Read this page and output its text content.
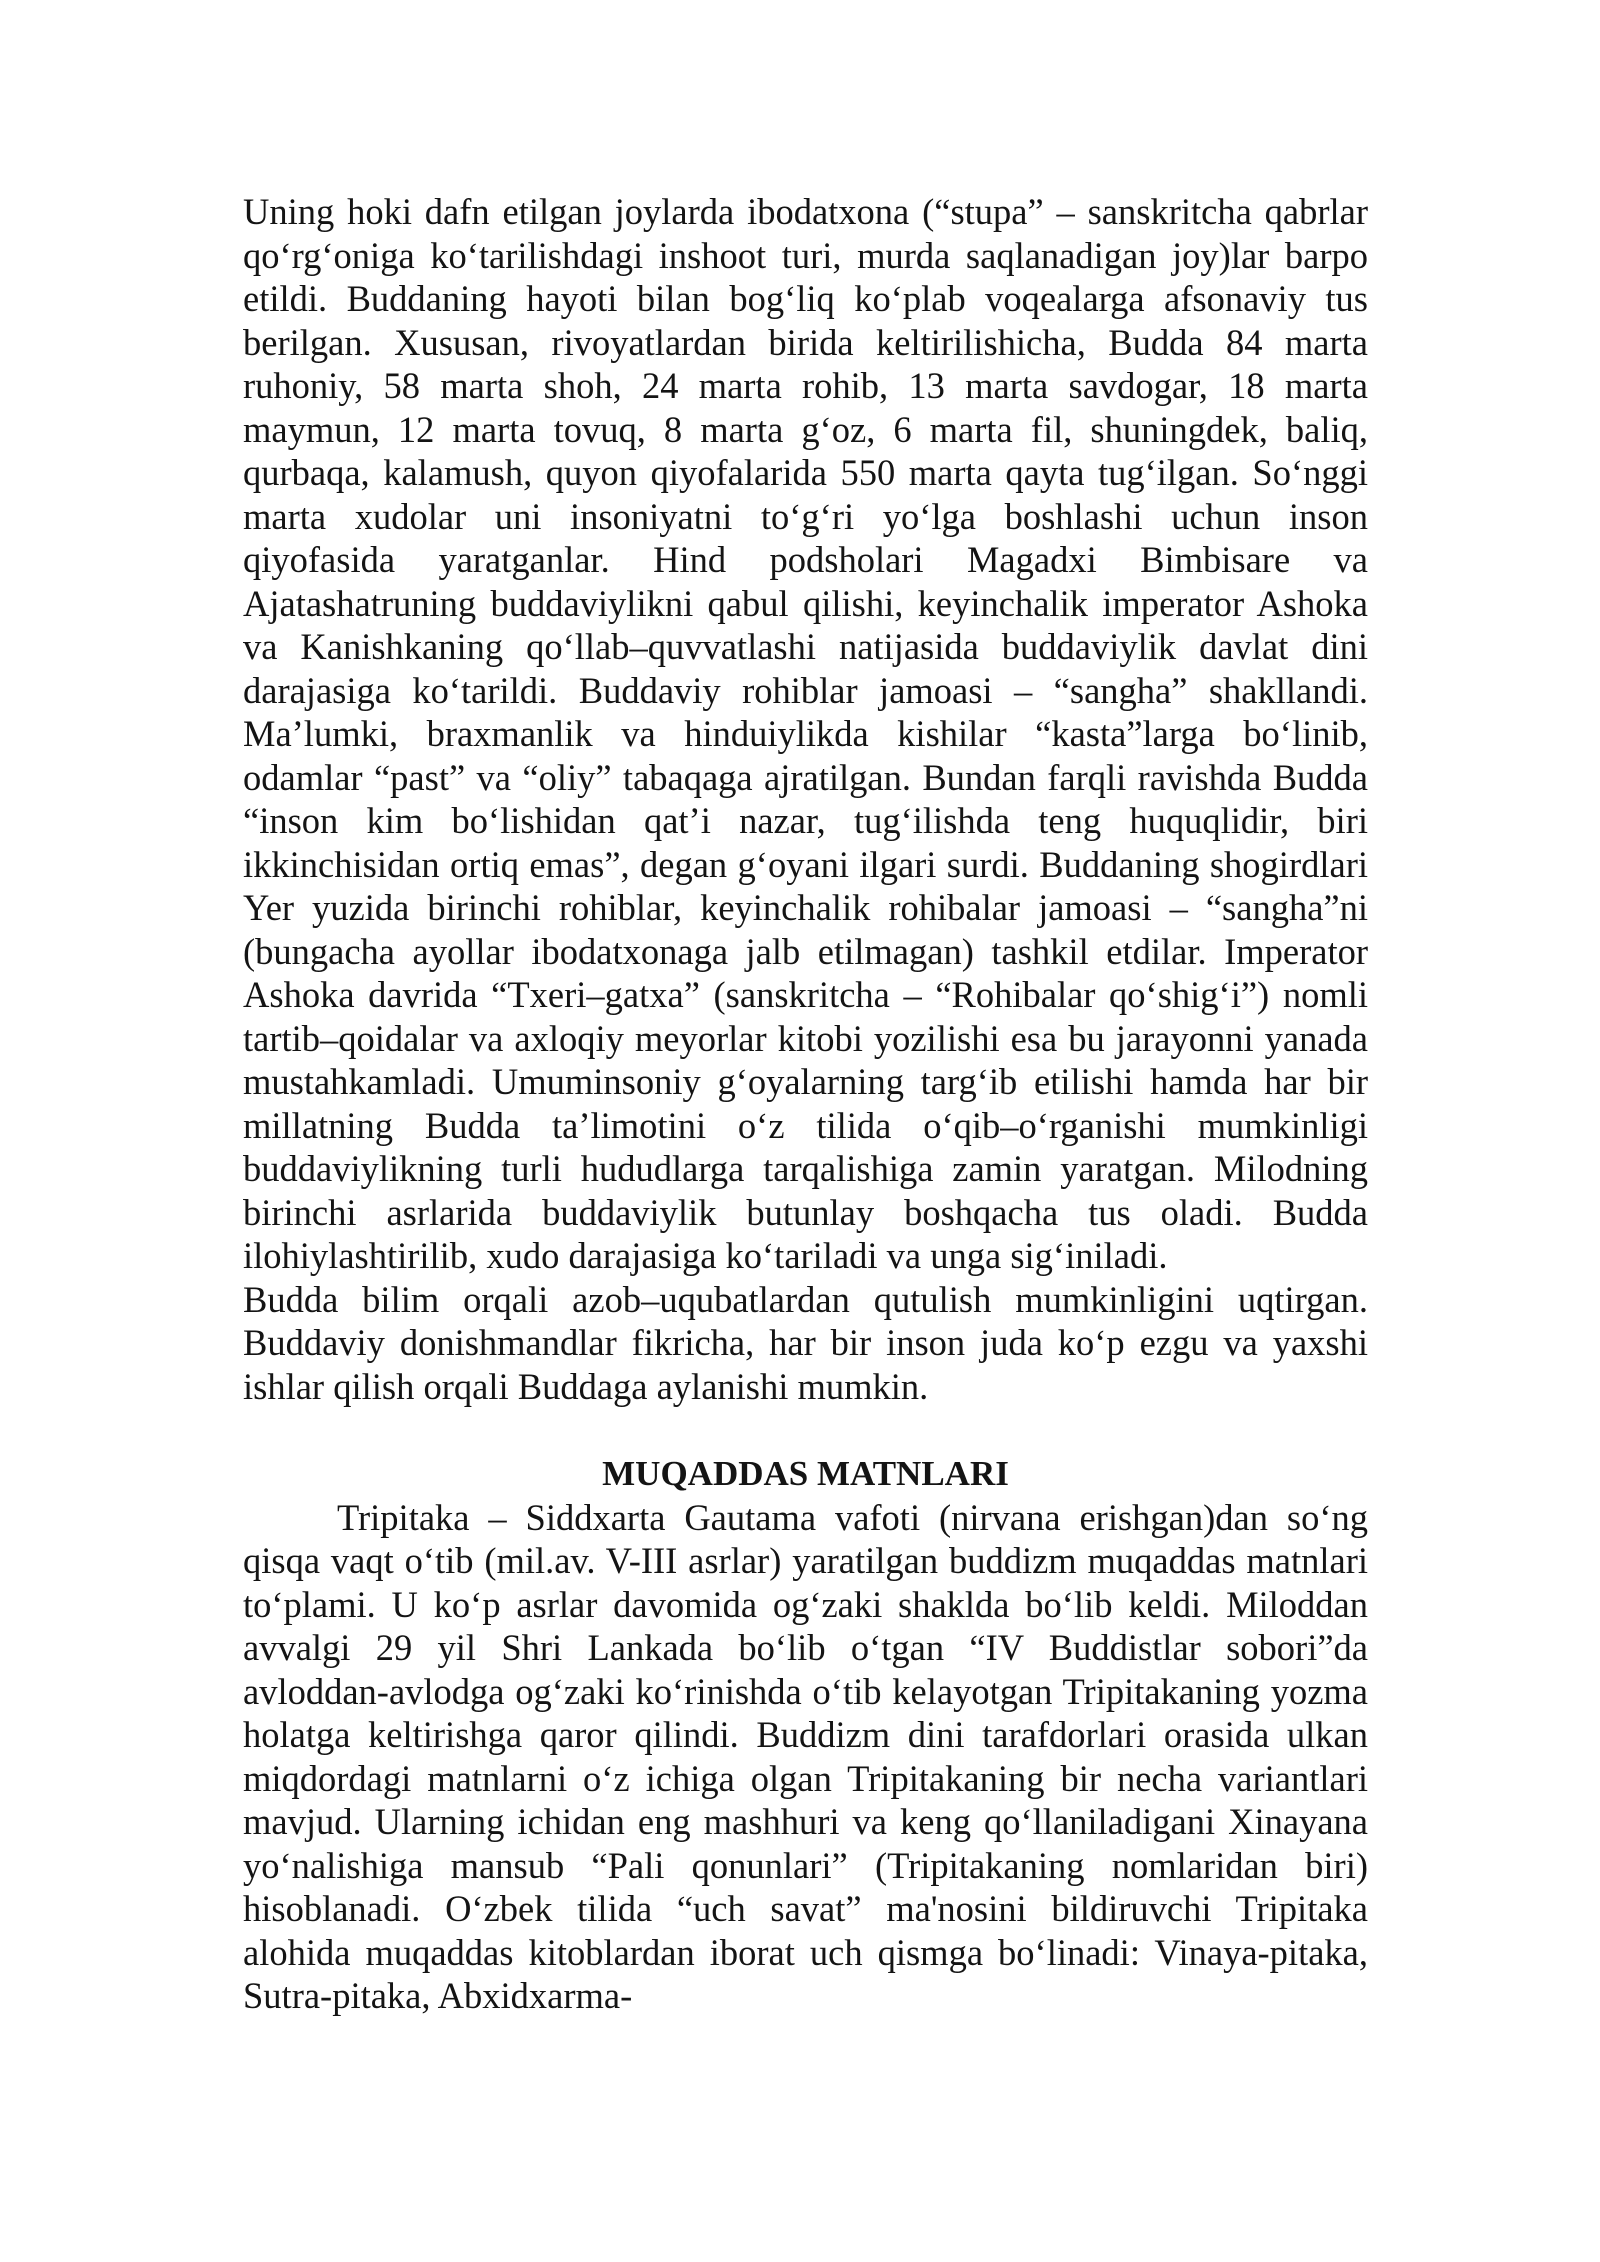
Uning hoki dafn etilgan joylarda ibodatxona (“stupa” – sanskritcha qabrlar qo‘rg‘oniga ko‘tarilishdagi inshoot turi, murda saqlanadigan joy)lar barpo etildi. Buddaning hayoti bilan bog‘liq ko‘plab voqealarga afsonaviy tus berilgan. Xususan, rivoyatlardan birida keltirilishicha, Budda 84 marta ruhoniy, 58 marta shoh, 24 marta rohib, 13 marta savdogar, 18 marta maymun, 12 marta tovuq, 8 marta g‘oz, 6 marta fil, shuningdek, baliq, qurbaqa, kalamush, quyon qiyofalarida 550 marta qayta tug‘ilgan. So‘nggi marta xudolar uni insoniyatni to‘g‘ri yo‘lga boshlashi uchun inson qiyofasida yaratganlar. Hind podsholari Magadxi Bimbisare va Ajatashatruning buddaviylikni qabul qilishi, keyinchalik imperator Ashoka va Kanishkaning qo‘llab–quvvatlashi natijasida buddaviylik davlat dini darajasiga ko‘tarildi. Buddaviy rohiblar jamoasi – “sangha” shakllandi. Ma’lumki, braxmanlik va hinduiylikda kishilar “kasta”larga bo‘linib, odamlar “past” va “oliy” tabaqaga ajratilgan. Bundan farqli ravishda Budda “inson kim bo‘lishidan qat’i nazar, tug‘ilishda teng huquqlidir, biri ikkinchisidan ortiq emas”, degan g‘oyani ilgari surdi. Buddaning shogirdlari Yer yuzida birinchi rohiblar, keyinchalik rohibalar jamoasi – “sangha”ni (bungacha ayollar ibodatxonaga jalb etilmagan) tashkil etdilar. Imperator Ashoka davrida “Txeri–gatxa” (sanskritcha – “Rohibalar qo‘shig‘i”) nomli tartib–qoidalar va axloqiy meyorlar kitobi yozilishi esa bu jarayonni yanada mustahkamladi. Umuminsoniy g‘oyalarning targ‘ib etilishi hamda har bir millatning Budda ta’limotini o‘z tilida o‘qib–o‘rganishi mumkinligi buddaviylikning turli hududlarga tarqalishiga zamin yaratgan. Milodning birinchi asrlarida buddaviylik butunlay boshqacha tus oladi. Budda ilohiylashtirilib, xudo darajasiga ko‘tariladi va unga sig‘iniladi.

Budda bilim orqali azob–uqubatlardan qutulish mumkinligini uqtirgan. Buddaviy donishmandlar fikricha, har bir inson juda ko‘p ezgu va yaxshi ishlar qilish orqali Buddaga aylanishi mumkin.

MUQADDAS MATNLARI

Tripitaka – Siddxarta Gautama vafoti (nirvana erishgan)dan so‘ng qisqa vaqt o‘tib (mil.av. V-III asrlar) yaratilgan buddizm muqaddas matnlari to‘plami. U ko‘p asrlar davomida og‘zaki shaklda bo‘lib keldi. Miloddan avvalgi 29 yil Shri Lankada bo‘lib o‘tgan “IV Buddistlar sobori”da avloddan-avlodga og‘zaki ko‘rinishda o‘tib kelayotgan Tripitakaning yozma holatga keltirishga qaror qilindi. Buddizm dini tarafdorlari orasida ulkan miqdordagi matnlarni o‘z ichiga olgan Tripitakaning bir necha variantlari mavjud. Ularning ichidan eng mashhuri va keng qo‘llaniladigani Xinayana yo‘nalishiga mansub “Pali qonunlari” (Tripitakaning nomlaridan biri) hisoblanadi. O‘zbek tilida “uch savat” ma'nosini bildiruvchi Tripitaka alohida muqaddas kitoblardan iborat uch qismga bo‘linadi: Vinaya-pitaka, Sutra-pitaka, Abxidxarma-
